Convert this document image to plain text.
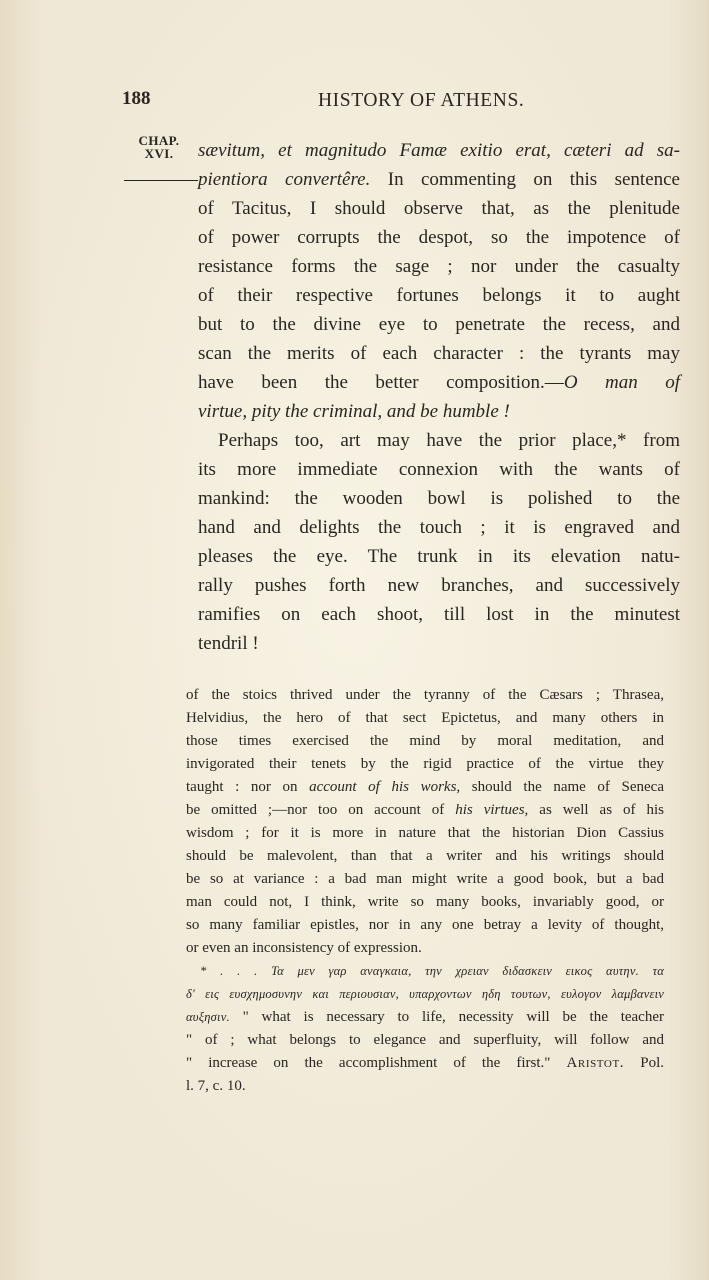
188	HISTORY OF ATHENS.
CHAP.
XVI.	sævitum, et magnitudo Famæ exitio erat, cæteri ad sa-
pientiora convertêre. In commenting on this sentence
of Tacitus, I should observe that, as the plenitude
of power corrupts the despot, so the impotence of
resistance forms the sage ; nor under the casualty
of their respective fortunes belongs it to aught
but to the divine eye to penetrate the recess, and
scan the merits of each character : the tyrants may
have been the better composition.—O man of
virtue, pity the criminal, and be humble !
Perhaps too, art may have the prior place,* from
its more immediate connexion with the wants of
mankind: the wooden bowl is polished to the
hand and delights the touch ; it is engraved and
pleases the eye. The trunk in its elevation natu-
rally pushes forth new branches, and successively
ramifies on each shoot, till lost in the minutest
tendril !
of the stoics thrived under the tyranny of the Cæsars ; Thrasea,
Helvidius, the hero of that sect Epictetus, and many others in
those times exercised the mind by moral meditation, and
invigorated their tenets by the rigid practice of the virtue they
taught : nor on account of his works, should the name of Seneca
be omitted ;—nor too on account of his virtues, as well as of his
wisdom ; for it is more in nature that the historian Dion Cassius
should be malevolent, than that a writer and his writings should
be so at variance : a bad man might write a good book, but a bad
man could not, I think, write so many books, invariably good, or
so many familiar epistles, nor in any one betray a levity of thought,
or even an inconsistency of expression.
* . . . Τα μεν γαρ αναγκαια, την χρειαν διδασκειν εικος αυτην. τα
δ' εις ευσχημοσυνην και περιουσιαν, υπαρχοντων ηδη τουτων, ευλογον λαμβανειν
αυξησιν. " what is necessary to life, necessity will be the teacher
" of ; what belongs to elegance and superfluity, will follow and
" increase on the accomplishment of the first." Aristot. Pol.
l. 7, c. 10.
